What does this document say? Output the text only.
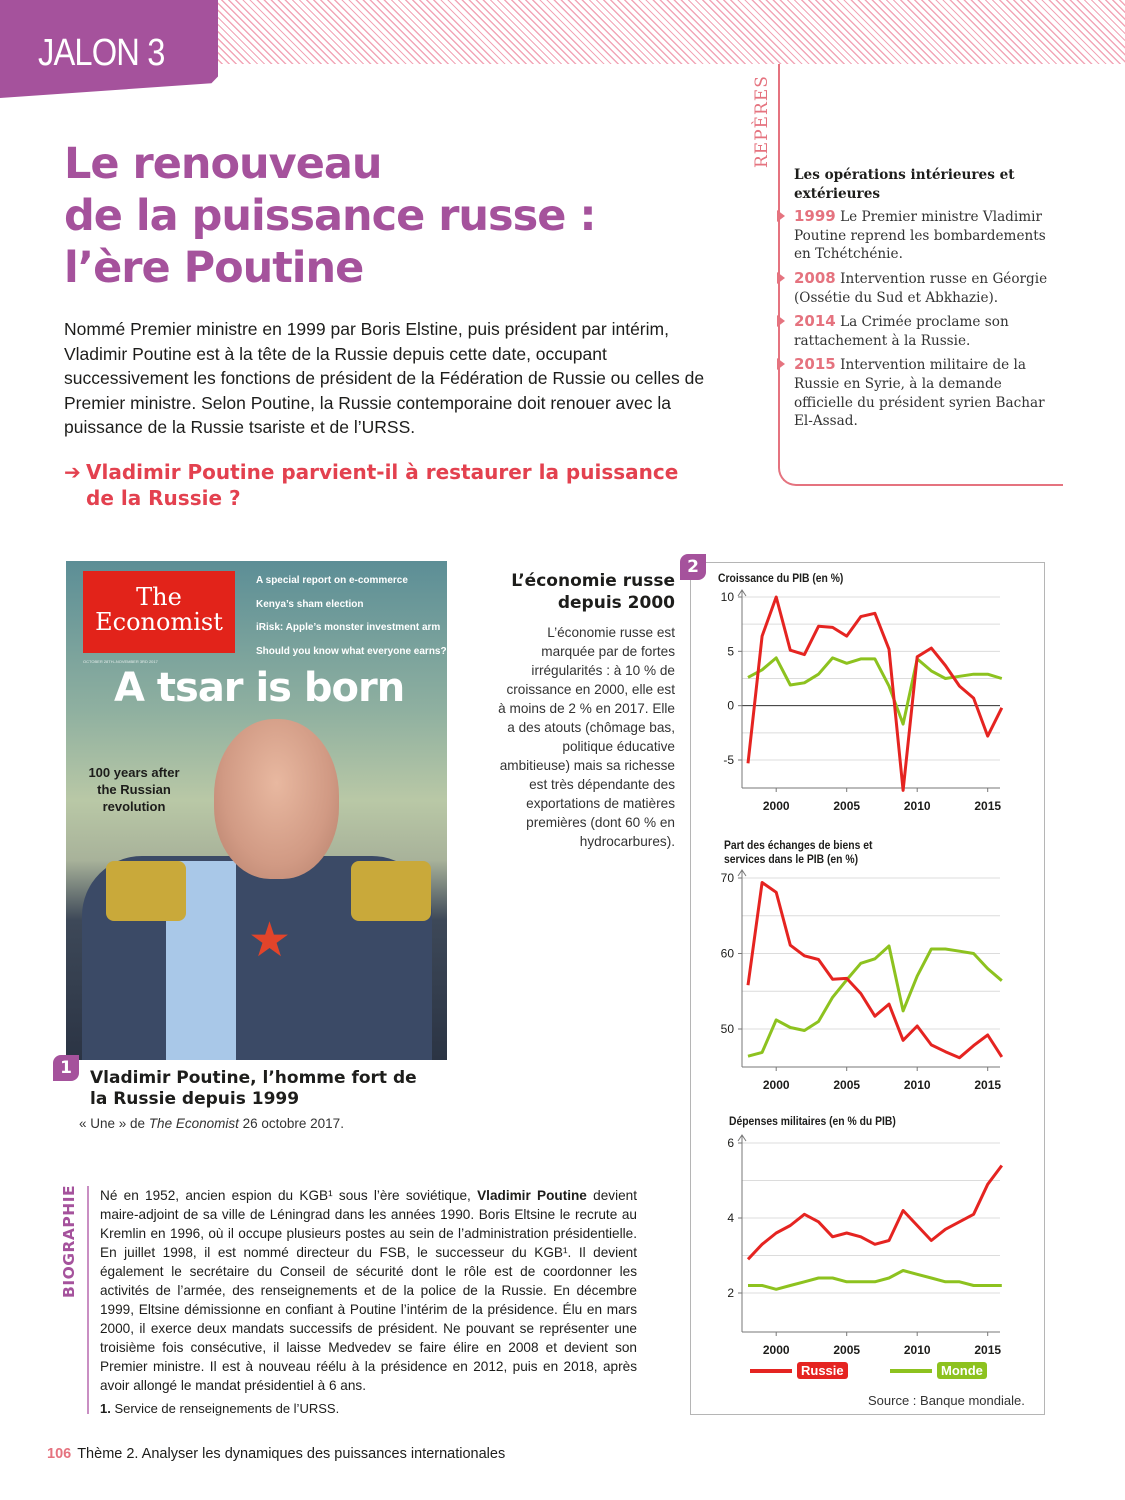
JALON 3
Le renouveau
de la puissance russe :
l’ère Poutine

Nommé Premier ministre en 1999 par Boris Elstine, puis président par intérim, Vladimir Poutine est à la tête de la Russie depuis cette date, occupant successivement les fonctions de président de la Fédération de Russie ou celles de Premier ministre. Selon Poutine, la Russie contemporaine doit renouer avec la puissance de la Russie tsariste et de l’URSS.

➔ Vladimir Poutine parvient-il à restaurer la puissance
de la Russie ?
REPÈRES
Les opérations intérieures et extérieures
1999 Le Premier ministre Vladimir Poutine reprend les bombardements en Tchétchénie.
2008 Intervention russe en Géorgie (Ossétie du Sud et Abkhazie).
2014 La Crimée proclame son rattachement à la Russie.
2015 Intervention militaire de la Russie en Syrie, à la demande officielle du président syrien Bachar El-Assad.
The
Economist
A special report on e-commerce
Kenya’s sham election
iRisk: Apple’s monster investment arm
Should you know what everyone earns?
OCTOBER 28TH–NOVEMBER 3RD 2017
A tsar is born
100 years after the Russian revolution
★
1	Vladimir Poutine, l’homme fort de la Russie depuis 1999
« Une » de The Economist 26 octobre 2017.
L’économie russe depuis 2000
L’économie russe est marquée par de fortes irrégularités : à 10 % de croissance en 2000, elle est à moins de 2 % en 2017. Elle a des atouts (chômage bas, politique éducative ambitieuse) mais sa richesse est très dépendante des exportations de matières premières (dont 60 % en hydrocarbures).
2
Croissance du PIB (en %)
10
5
0
-5
2000	2005	2010	2015
70
60
50
2000	2005	2010	2015
6
4
2
2000	2005	2010	2015
Part des échanges de biens et services dans le PIB (en %)
Dépenses militaires (en % du PIB)
Russie	Monde
Source : Banque mondiale.
BIOGRAPHIE Né en 1952, ancien espion du KGB¹ sous l’ère soviétique, Vladimir Poutine devient maire-adjoint de sa ville de Léningrad dans les années 1990. Boris Eltsine le recrute au Kremlin en 1996, où il occupe plusieurs postes au sein de l’administration présidentielle. En juillet 1998, il est nommé directeur du FSB, le successeur du KGB¹. Il devient également le secrétaire du Conseil de sécurité dont le rôle est de coordonner les activités de l’armée, des renseignements et de la police de la Russie. En décembre 1999, Eltsine démissionne en confiant à Poutine l’intérim de la présidence. Élu en mars 2000, il exerce deux mandats successifs de président. Ne pouvant se représenter une troisième fois consécutive, il laisse Medvedev se faire élire en 2008 et devient son Premier ministre. Il est à nouveau réélu à la présidence en 2012, puis en 2018, après avoir allongé le mandat présidentiel à 6 ans.

1. Service de renseignements de l’URSS.
106 Thème 2. Analyser les dynamiques des puissances internationales
